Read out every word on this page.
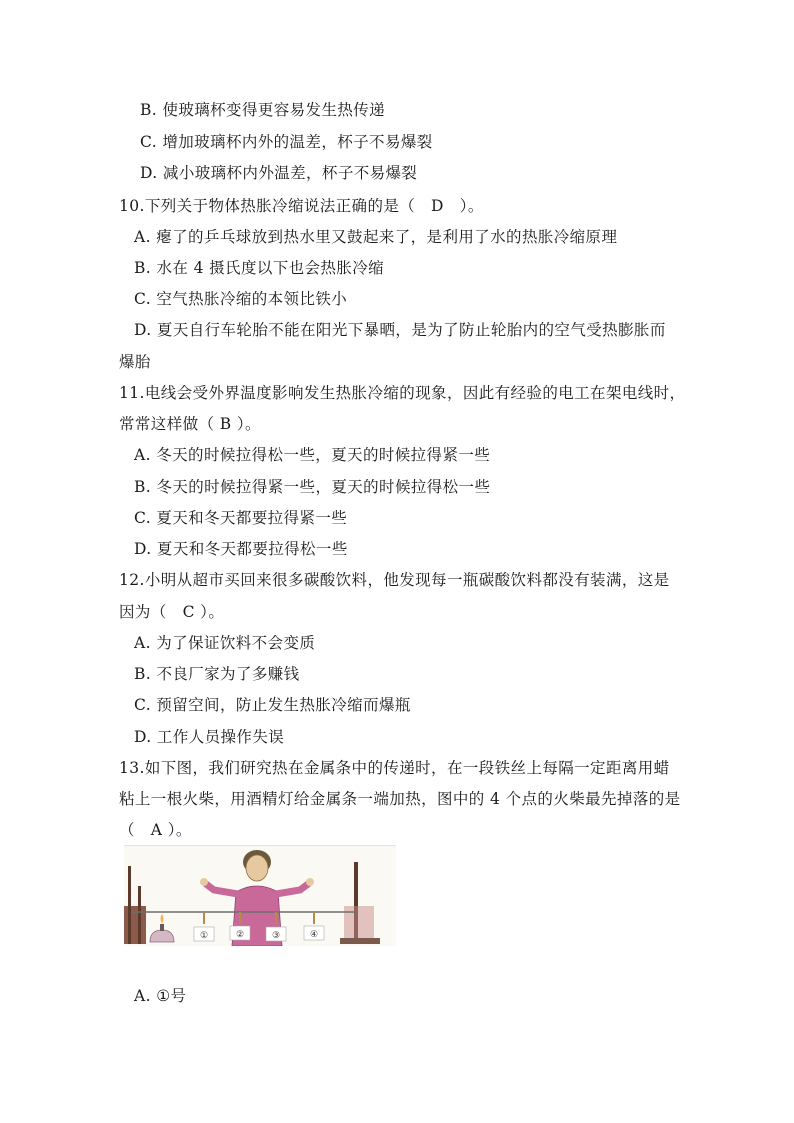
B. 使玻璃杯变得更容易发生热传递
C. 增加玻璃杯内外的温差，杯子不易爆裂
D. 减小玻璃杯内外温差，杯子不易爆裂
10.下列关于物体热胀冷缩说法正确的是（　D　）。
A. 瘪了的乒乓球放到热水里又鼓起来了，是利用了水的热胀冷缩原理
B. 水在 4 摄氏度以下也会热胀冷缩
C. 空气热胀冷缩的本领比铁小
D. 夏天自行车轮胎不能在阳光下暴晒，是为了防止轮胎内的空气受热膨胀而
爆胎
11.电线会受外界温度影响发生热胀冷缩的现象，因此有经验的电工在架电线时，
常常这样做（ B ）。
A. 冬天的时候拉得松一些，夏天的时候拉得紧一些
B. 冬天的时候拉得紧一些，夏天的时候拉得松一些
C. 夏天和冬天都要拉得紧一些
D. 夏天和冬天都要拉得松一些
12.小明从超市买回来很多碳酸饮料，他发现每一瓶碳酸饮料都没有装满，这是
因为（　C ）。
A. 为了保证饮料不会变质
B. 不良厂家为了多赚钱
C. 预留空间，防止发生热胀冷缩而爆瓶
D. 工作人员操作失误
13.如下图，我们研究热在金属条中的传递时，在一段铁丝上每隔一定距离用蜡
粘上一根火柴，用酒精灯给金属条一端加热，图中的 4 个点的火柴最先掉落的是
（　A ）。
①	②	③	④
A. ①号
